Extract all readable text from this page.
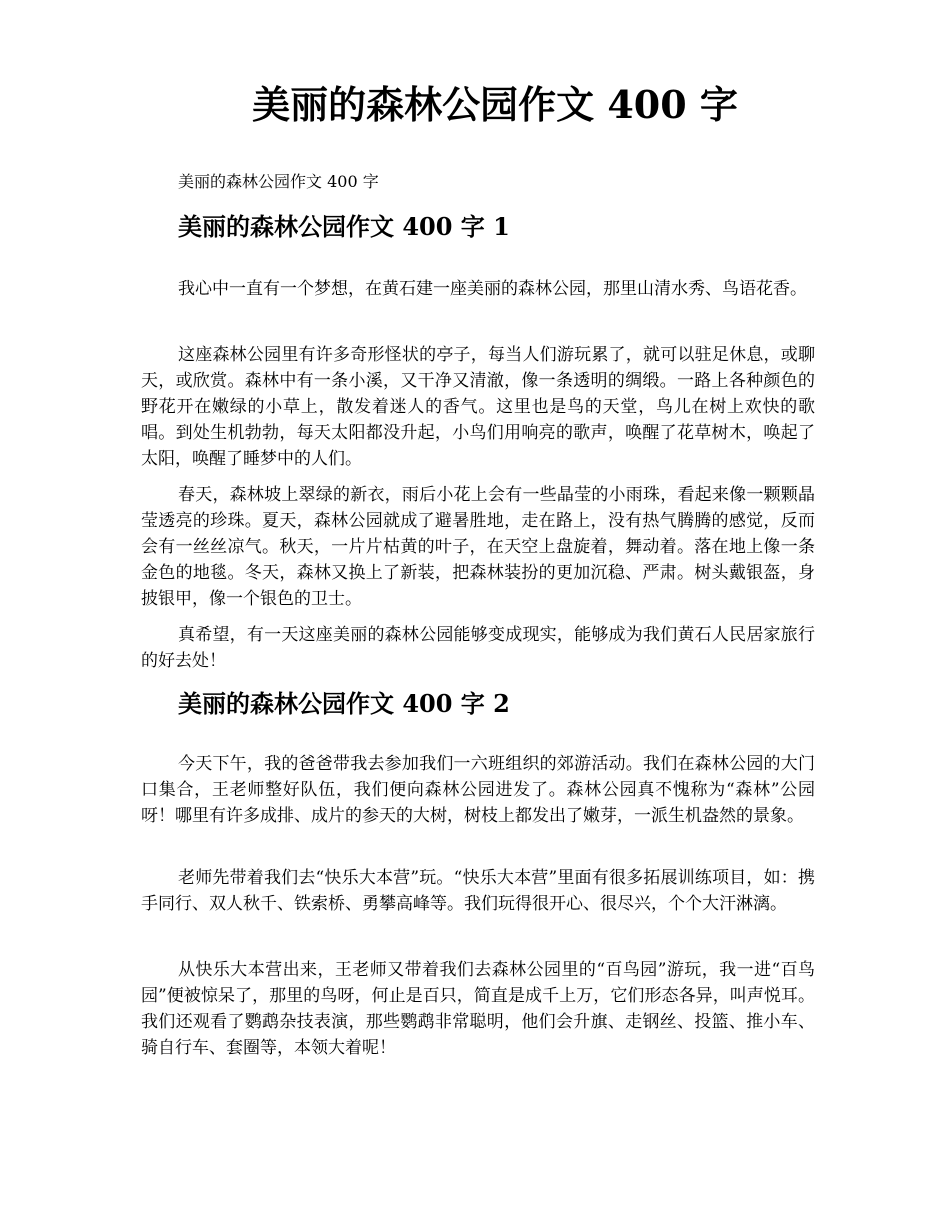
美丽的森林公园作文 400 字

美丽的森林公园作文 400 字

美丽的森林公园作文 400 字 1

我心中一直有一个梦想，在黄石建一座美丽的森林公园，那里山清水秀、鸟语花香。

这座森林公园里有许多奇形怪状的亭子，每当人们游玩累了，就可以驻足休息，或聊天，或欣赏。森林中有一条小溪，又干净又清澈，像一条透明的绸缎。一路上各种颜色的野花开在嫩绿的小草上，散发着迷人的香气。这里也是鸟的天堂，鸟儿在树上欢快的歌唱。到处生机勃勃，每天太阳都没升起，小鸟们用响亮的歌声，唤醒了花草树木，唤起了太阳，唤醒了睡梦中的人们。

春天，森林坡上翠绿的新衣，雨后小花上会有一些晶莹的小雨珠，看起来像一颗颗晶莹透亮的珍珠。夏天，森林公园就成了避暑胜地，走在路上，没有热气腾腾的感觉，反而会有一丝丝凉气。秋天，一片片枯黄的叶子，在天空上盘旋着，舞动着。落在地上像一条金色的地毯。冬天，森林又换上了新装，把森林装扮的更加沉稳、严肃。树头戴银盔，身披银甲，像一个银色的卫士。

真希望，有一天这座美丽的森林公园能够变成现实，能够成为我们黄石人民居家旅行的好去处！

美丽的森林公园作文 400 字 2

今天下午，我的爸爸带我去参加我们一六班组织的郊游活动。我们在森林公园的大门口集合，王老师整好队伍，我们便向森林公园进发了。森林公园真不愧称为“森林”公园呀！哪里有许多成排、成片的参天的大树，树枝上都发出了嫩芽，一派生机盎然的景象。

老师先带着我们去“快乐大本营”玩。“快乐大本营”里面有很多拓展训练项目，如：携手同行、双人秋千、铁索桥、勇攀高峰等。我们玩得很开心、很尽兴，个个大汗淋漓。

从快乐大本营出来，王老师又带着我们去森林公园里的“百鸟园”游玩，我一进“百鸟园”便被惊呆了，那里的鸟呀，何止是百只，简直是成千上万，它们形态各异，叫声悦耳。我们还观看了鹦鹉杂技表演，那些鹦鹉非常聪明，他们会升旗、走钢丝、投篮、推小车、骑自行车、套圈等，本领大着呢！
